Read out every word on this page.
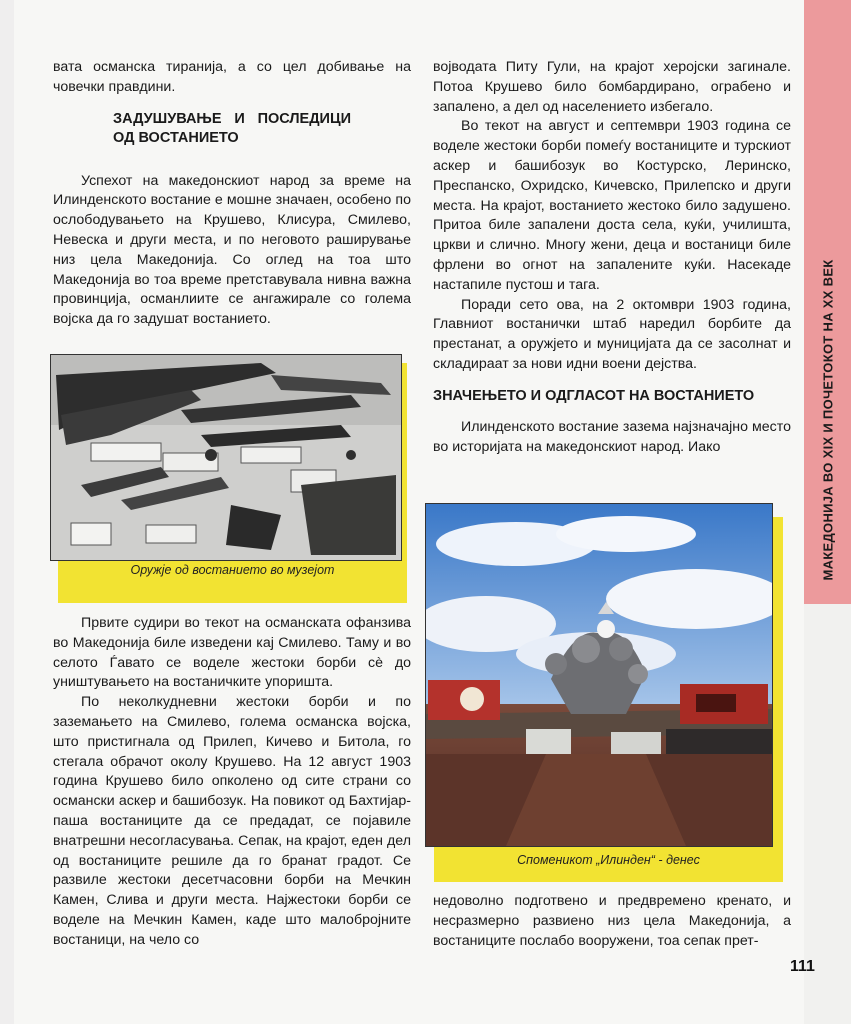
МАКЕДОНИЈА ВО XIX И ПОЧЕТОКОТ НА XX ВЕК

вата османска тиранија, а со цел добивање на човечки правдини.

ЗАДУШУВАЊЕ И ПОСЛЕДИЦИ ОД ВОСТАНИЕТО

Успехот на македонскиот народ за време на Илинденското востание е мошне значаен, особено по ослободувањето на Крушево, Клисура, Смилево, Невеска и други места, и по неговото раширување низ цела Македонија. Со оглед на тоа што Македонија во тоа време претставувала нивна важна провинција, османлиите се ангажирале со голема војска да го задушат востанието.

Оружје од востанието во музејот

Првите судири во текот на османската офанзива во Македонија биле изведени кај Смилево. Таму и во селото Ѓавато се воделе жестоки борби сè до уништувањето на востаничките упоришта.

По неколкудневни жестоки борби и по заземањето на Смилево, голема османска војска, што пристигнала од Прилеп, Кичево и Битола, го стегала обрачот околу Крушево. На 12 август 1903 година Крушево било опколено од сите страни со османски аскер и башибозук. На повикот од Бахтијар-паша востаниците да се предадат, се појавиле внатрешни несогласувања. Сепак, на крајот, еден дел од востаниците решиле да го бранат градот. Се развиле жестоки десетчасовни борби на Мечкин Камен, Слива и други места. Најжестоки борби се воделе на Мечкин Камен, каде што малобројните востаници, на чело со

војводата Питу Гули, на крајот херојски загинале. Потоа Крушево било бомбардирано, ограбено и запалено, а дел од населението избегало.

Во текот на август и септември 1903 година се воделе жестоки борби помеѓу востаниците и турскиот аскер и башибозук во Костурско, Леринско, Преспанско, Охридско, Кичевско, Прилепско и други места. На крајот, востанието жестоко било задушено. Притоа биле запалени доста села, куќи, училишта, цркви и слично. Многу жени, деца и востаници биле фрлени во огнот на запалените куќи. Насекаде настапиле пустош и тага.

Поради сето ова, на 2 октомври 1903 година, Главниот востанички штаб наредил борбите да престанат, а оружјето и муницијата да се засолнат и складираат за нови идни воени дејства.

ЗНАЧЕЊЕТО И ОДГЛАСОТ НА ВОСТАНИЕТО

Илинденското востание зазема најзначајно место во историјата на македонскиот народ. Иако

Споменикот „Илинден“ - денес

недоволно подготвено и предвремено кренато, и несразмерно развиено низ цела Македонија, а востаниците послабо вооружени, тоа сепак прет-

111
